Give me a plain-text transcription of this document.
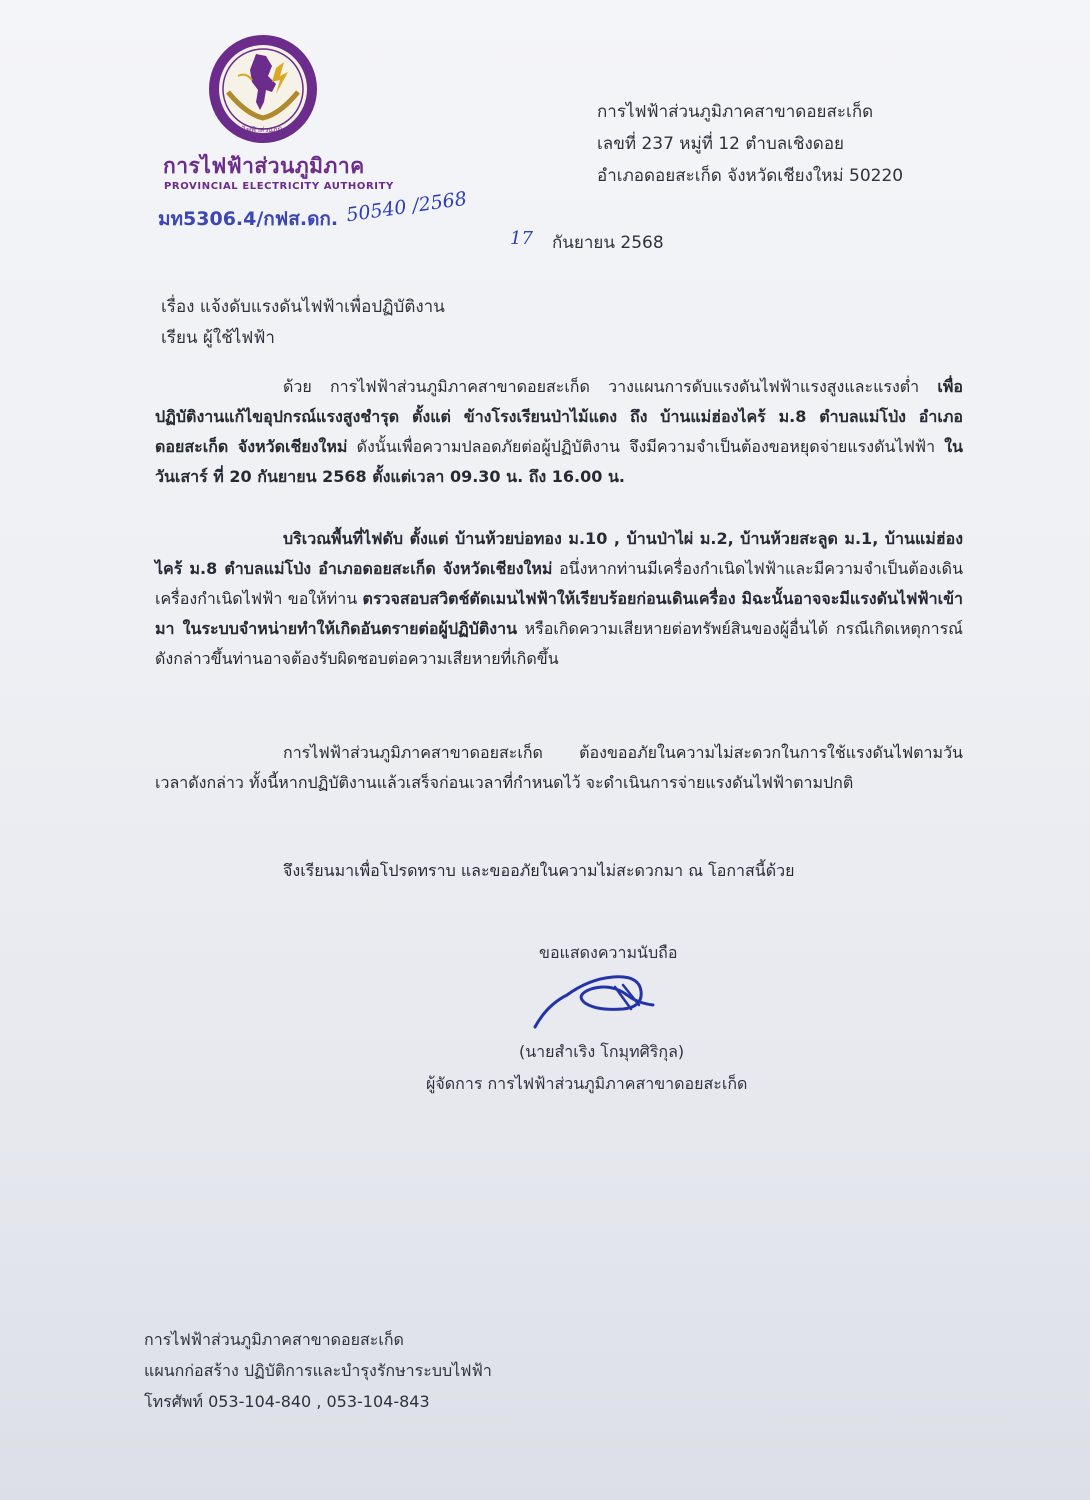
การไฟฟ้าส่วนภูมิภาค
การไฟฟ้าส่วนภูมิภาค
PROVINCIAL ELECTRICITY AUTHORITY
มท5306.4/กฟส.ดก. 50540 /2568
การไฟฟ้าส่วนภูมิภาคสาขาดอยสะเก็ด
เลขที่ 237 หมู่ที่ 12 ตำบลเชิงดอย
อำเภอดอยสะเก็ด จังหวัดเชียงใหม่ 50220
17 กันยายน 2568
เรื่อง แจ้งดับแรงดันไฟฟ้าเพื่อปฏิบัติงาน
เรียน ผู้ใช้ไฟฟ้า

ด้วย การไฟฟ้าส่วนภูมิภาคสาขาดอยสะเก็ด วางแผนการดับแรงดันไฟฟ้าแรงสูงและแรงต่ำ เพื่อปฏิบัติงานแก้ไขอุปกรณ์แรงสูงชำรุด ตั้งแต่ ข้างโรงเรียนป่าไม้แดง ถึง บ้านแม่ฮ่องไคร้ ม.8 ตำบลแม่โป่ง อำเภอดอยสะเก็ด จังหวัดเชียงใหม่ ดังนั้นเพื่อความปลอดภัยต่อผู้ปฏิบัติงาน จึงมีความจำเป็นต้องขอหยุดจ่ายแรงดันไฟฟ้า ในวันเสาร์ ที่ 20 กันยายน 2568 ตั้งแต่เวลา 09.30 น. ถึง 16.00 น.

บริเวณพื้นที่ไฟดับ ตั้งแต่ บ้านห้วยบ่อทอง ม.10 , บ้านป่าไผ่ ม.2, บ้านห้วยสะลูด ม.1, บ้านแม่ฮ่องไคร้ ม.8 ตำบลแม่โป่ง อำเภอดอยสะเก็ด จังหวัดเชียงใหม่ อนึ่งหากท่านมีเครื่องกำเนิดไฟฟ้าและมีความจำเป็นต้องเดินเครื่องกำเนิดไฟฟ้า ขอให้ท่าน ตรวจสอบสวิตช์ตัดเมนไฟฟ้าให้เรียบร้อยก่อนเดินเครื่อง มิฉะนั้นอาจจะมีแรงดันไฟฟ้าเข้ามา ในระบบจำหน่ายทำให้เกิดอันตรายต่อผู้ปฏิบัติงาน หรือเกิดความเสียหายต่อทรัพย์สินของผู้อื่นได้ กรณีเกิดเหตุการณ์ดังกล่าวขึ้นท่านอาจต้องรับผิดชอบต่อความเสียหายที่เกิดขึ้น

การไฟฟ้าส่วนภูมิภาคสาขาดอยสะเก็ด ต้องขออภัยในความไม่สะดวกในการใช้แรงดันไฟตามวันเวลาดังกล่าว ทั้งนี้หากปฏิบัติงานแล้วเสร็จก่อนเวลาที่กำหนดไว้ จะดำเนินการจ่ายแรงดันไฟฟ้าตามปกติ

จึงเรียนมาเพื่อโปรดทราบ และขออภัยในความไม่สะดวกมา ณ โอกาสนี้ด้วย

ขอแสดงความนับถือ
(นายสำเริง โกมุทศิริกุล)
ผู้จัดการ การไฟฟ้าส่วนภูมิภาคสาขาดอยสะเก็ด
การไฟฟ้าส่วนภูมิภาคสาขาดอยสะเก็ด
แผนกก่อสร้าง ปฏิบัติการและบำรุงรักษาระบบไฟฟ้า
โทรศัพท์ 053-104-840 , 053-104-843
